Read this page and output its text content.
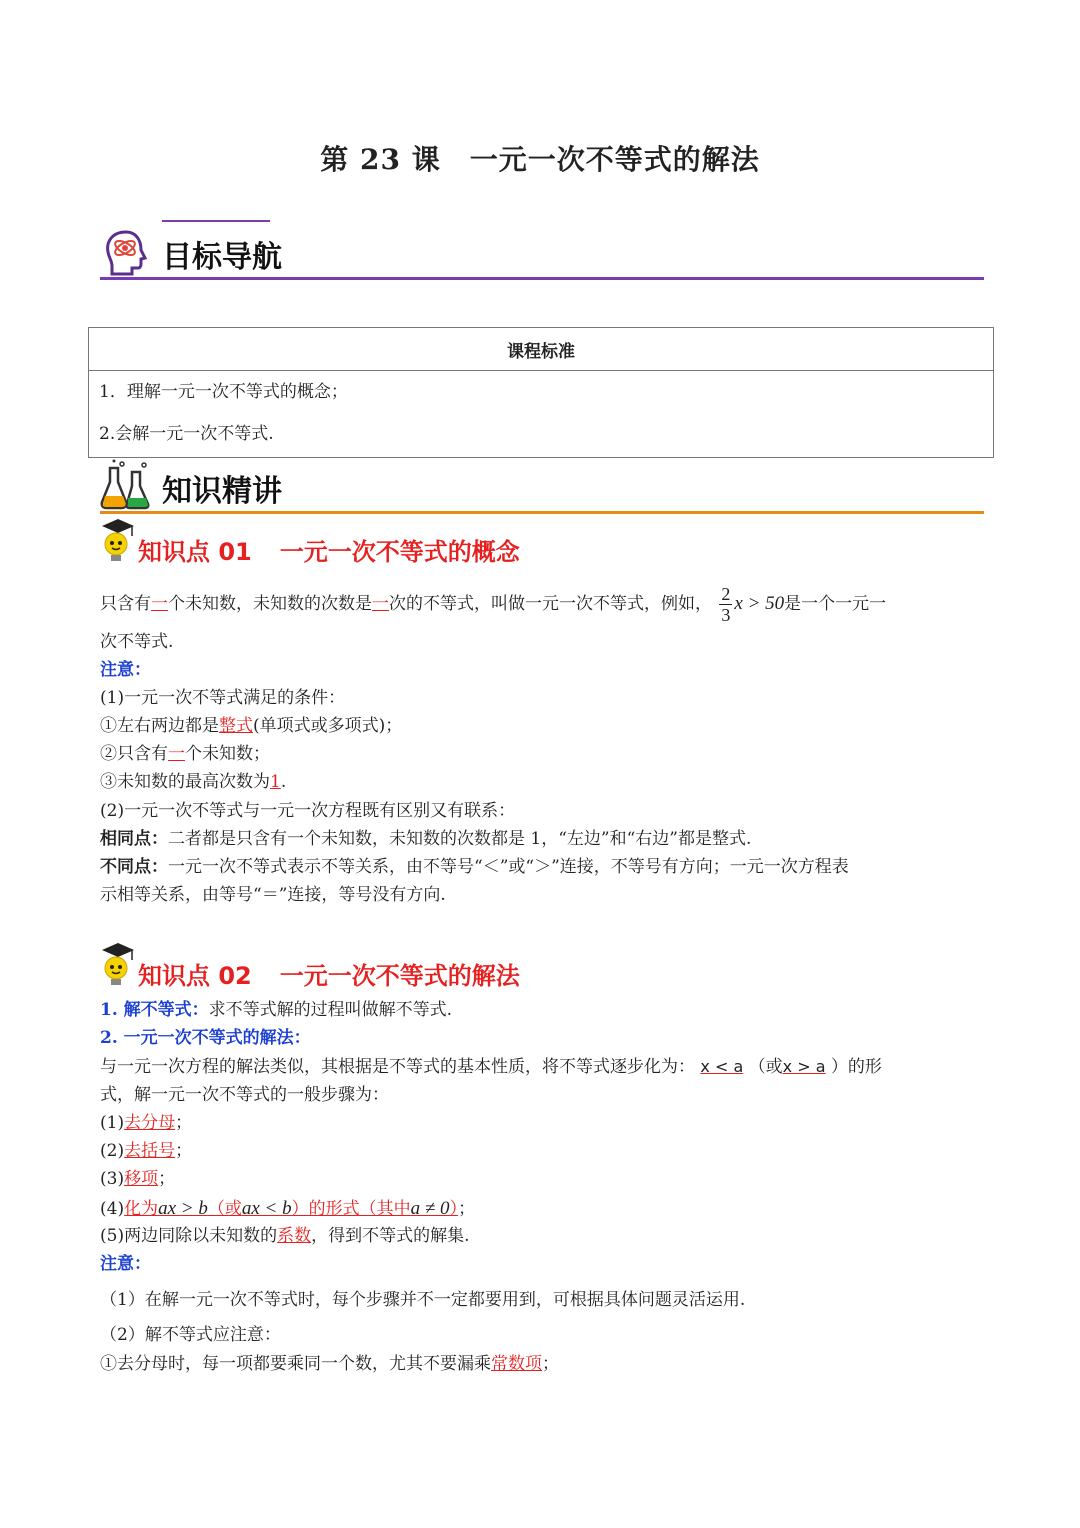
第 23 课　一元一次不等式的解法
目标导航
课程标准

1．理解一元一次不等式的概念；
2.会解一元一次不等式.
知识精讲
知识点 01 一元一次不等式的概念
只含有一个未知数，未知数的次数是一次的不等式，叫做一元一次不等式，例如， $\frac{2}{3}$ x > 50是一个一元一
次不等式.
注意：
(1)一元一次不等式满足的条件：
①左右两边都是整式(单项式或多项式)；
②只含有一个未知数；
③未知数的最高次数为1.
(2)一元一次不等式与一元一次方程既有区别又有联系：
相同点：二者都是只含有一个未知数，未知数的次数都是 1，“左边”和“右边”都是整式.
不同点：一元一次不等式表示不等关系，由不等号“＜”或“＞”连接，不等号有方向；一元一次方程表
示相等关系，由等号“＝”连接，等号没有方向.
知识点 02 一元一次不等式的解法
1. 解不等式：求不等式解的过程叫做解不等式.
2. 一元一次不等式的解法：
与一元一次方程的解法类似，其根据是不等式的基本性质，将不等式逐步化为： x < a （或x > a ）的形
式，解一元一次不等式的一般步骤为：
(1)去分母；
(2)去括号；
(3)移项；
(4)化为ax > b（或ax < b）的形式（其中a ≠ 0）；
(5)两边同除以未知数的系数，得到不等式的解集.
注意：
（1）在解一元一次不等式时，每个步骤并不一定都要用到，可根据具体问题灵活运用.
（2）解不等式应注意：
①去分母时，每一项都要乘同一个数，尤其不要漏乘常数项；
